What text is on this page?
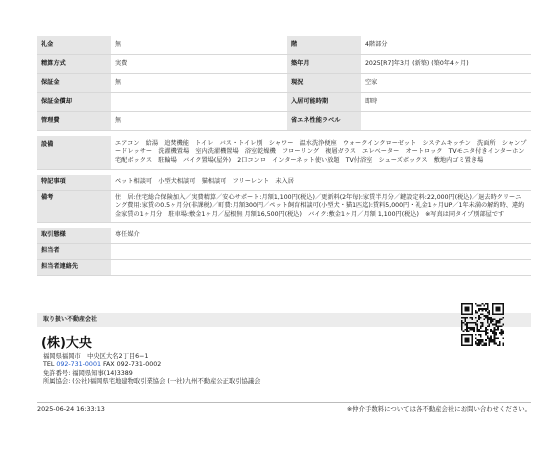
礼金	無	階	4階部分
精算方式	実費	築年月	2025[R7]年3月 (新築) (築0年4ヶ月)
保証金	無	現況	空家
保証金償却		入居可能時期	即時
管理費	無	省エネ性能ラベル	

設備	エアコン　給湯　追焚機能　トイレ　バス・トイレ別　シャワー　温水洗浄便座　ウォークインクローゼット　システムキッチン　洗面所　シャンプードレッサー　洗濯機置場　室内洗濯機置場　浴室乾燥機　フローリング　複層ガラス　エレベーター　オートロック　TVモニタ付きインターホン　宅配ボックス　駐輪場　バイク置場(屋外)　2口コンロ　インターネット使い放題　TV付浴室　シューズボックス　敷地内ゴミ置き場		

特記事項	ペット相談可　小型犬相談可　猫相談可　フリーレント　未入居		
備考	住　居:住宅総合保険加入／実費精算／安心サポート:月額1,100円(税込)／更新料(2年毎):家賃半月分／鍵設定料:22,000円(税込)／退去時クリーニング費用:家賃の0.5ヶ月分(非課税)／町費:月額300円／ペット飼育相談可(小型犬・猫1匹迄):賃料5,000円・礼金1ヶ月UP／1年未満の解約時、違約金家賃の1ヶ月分　駐車場:敷金1ヶ月／屋根無 月額16,500円(税込)　バイク:敷金1ヶ月／月額 1,100円(税込)　※写真は同タイプ別部屋です		

取引態様	専任媒介		
担当者			
担当者連絡先			
取り扱い不動産会社
(株)大央
福岡県福岡市　中央区大名2丁目6−1
TEL 092-731-0001 FAX 092-731-0002
免許番号: 福岡県知事(14)3389
所属協会: (公社)福岡県宅地建物取引業協会 (一社)九州不動産公正取引協議会
2025-06-24 16:33:13	※仲介手数料については各不動産会社にお問い合わせください。
